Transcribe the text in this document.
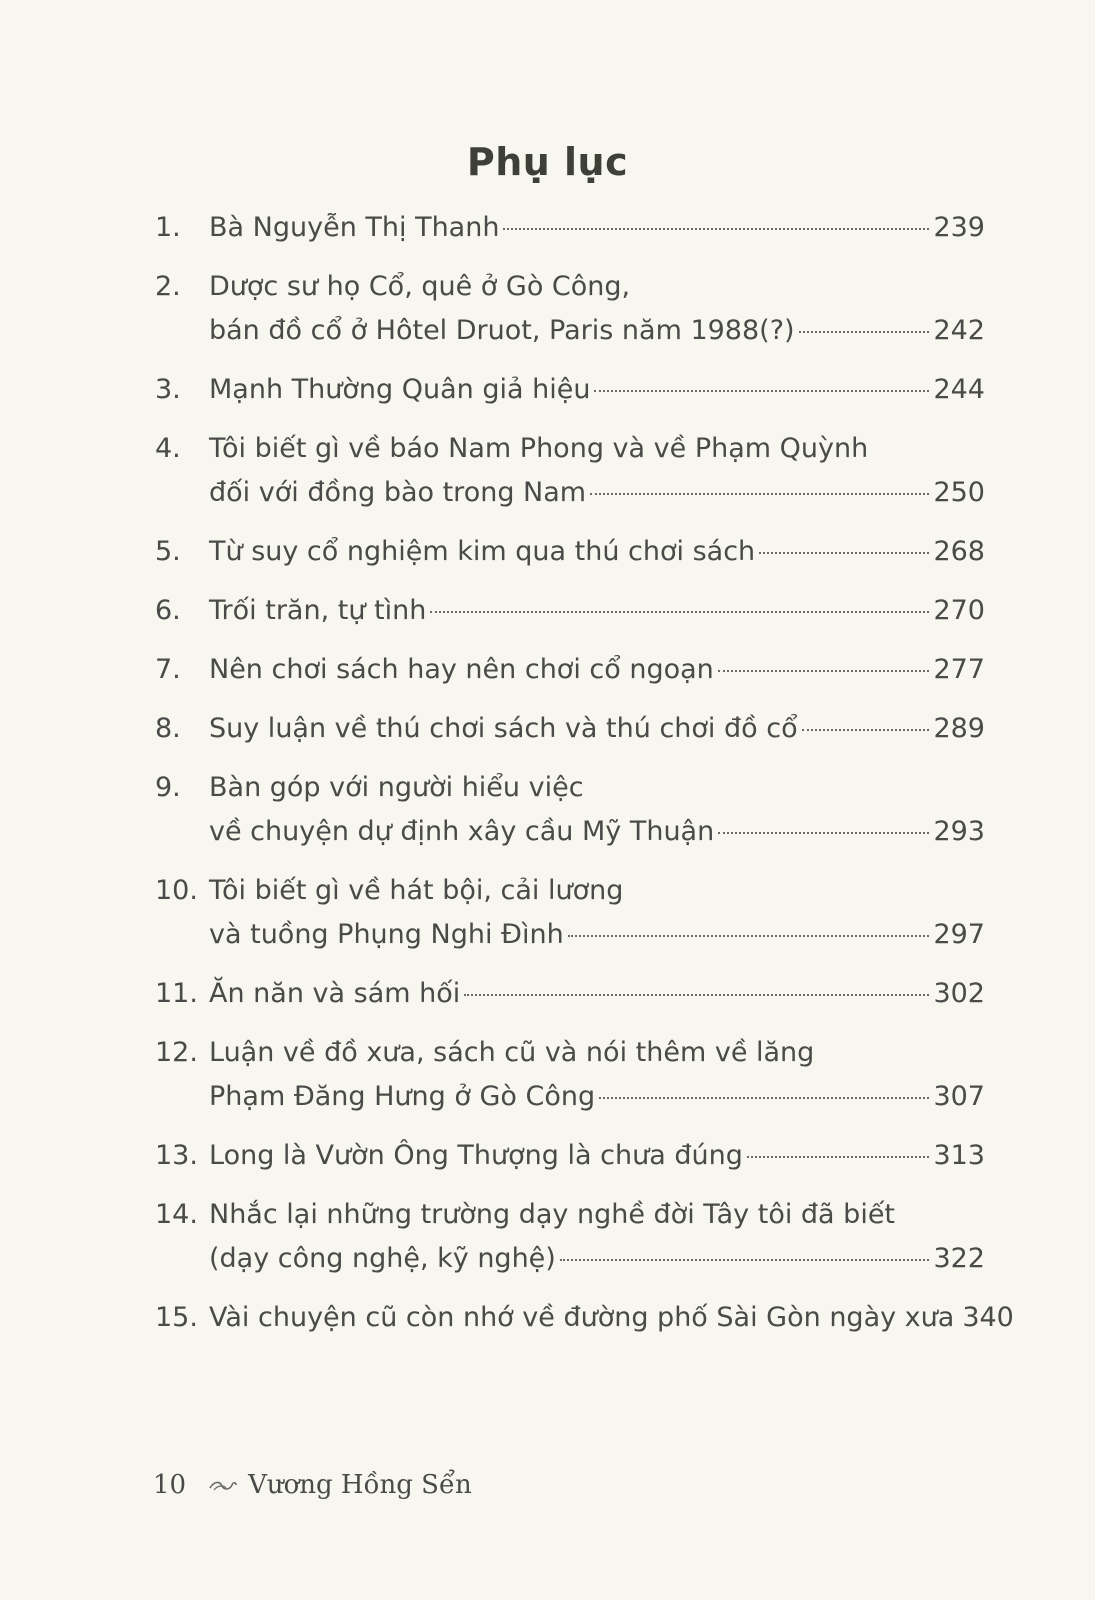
Phụ lục
1.	Bà Nguyễn Thị Thanh	239
2.	Dược sư họ Cổ, quê ở Gò Công,
bán đồ cổ ở Hôtel Druot, Paris năm 1988(?)	242
3.	Mạnh Thường Quân giả hiệu	244
4.	Tôi biết gì về báo Nam Phong và về Phạm Quỳnh
đối với đồng bào trong Nam	250
5.	Từ suy cổ nghiệm kim qua thú chơi sách	268
6.	Trối trăn, tự tình	270
7.	Nên chơi sách hay nên chơi cổ ngoạn	277
8.	Suy luận về thú chơi sách và thú chơi đồ cổ	289
9.	Bàn góp với người hiểu việc
về chuyện dự định xây cầu Mỹ Thuận	293
10. Tôi biết gì về hát bội, cải lương
và tuồng Phụng Nghi Đình	297
11. Ăn năn và sám hối	302
12. Luận về đồ xưa, sách cũ và nói thêm về lăng
Phạm Đăng Hưng ở Gò Công	307
13. Long là Vườn Ông Thượng là chưa đúng	313
14. Nhắc lại những trường dạy nghề đời Tây tôi đã biết
(dạy công nghệ, kỹ nghệ)	322
15. Vài chuyện cũ còn nhớ về đường phố Sài Gòn ngày xưa 340
10 Vương Hồng Sển
